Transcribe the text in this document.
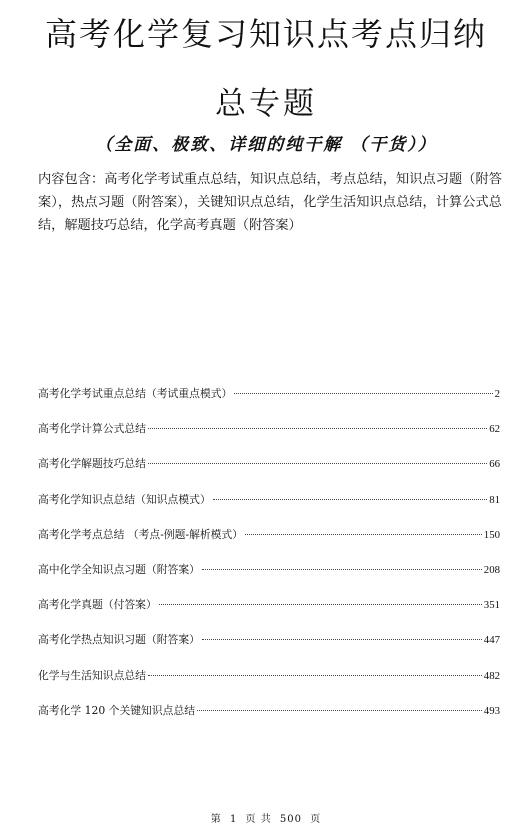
高考化学复习知识点考点归纳
总专题
（全面、极致、详细的纯干解 （干货））
内容包含：高考化学考试重点总结，知识点总结，考点总结，知识点习题（附答案），热点习题（附答案），关键知识点总结，化学生活知识点总结，计算公式总结，解题技巧总结，化学高考真题（附答案）
高考化学考试重点总结（考试重点模式）	2
高考化学计算公式总结	62
高考化学解题技巧总结	66
高考化学知识点总结（知识点模式）	81
高考化学考点总结 （考点-例题-解析模式）	150
高中化学全知识点习题（附答案）	208
高考化学真题（付答案）	351
高考化学热点知识习题（附答案）	447
化学与生活知识点总结	482
高考化学 120 个关键知识点总结	493
第 1 页 共 500 页
